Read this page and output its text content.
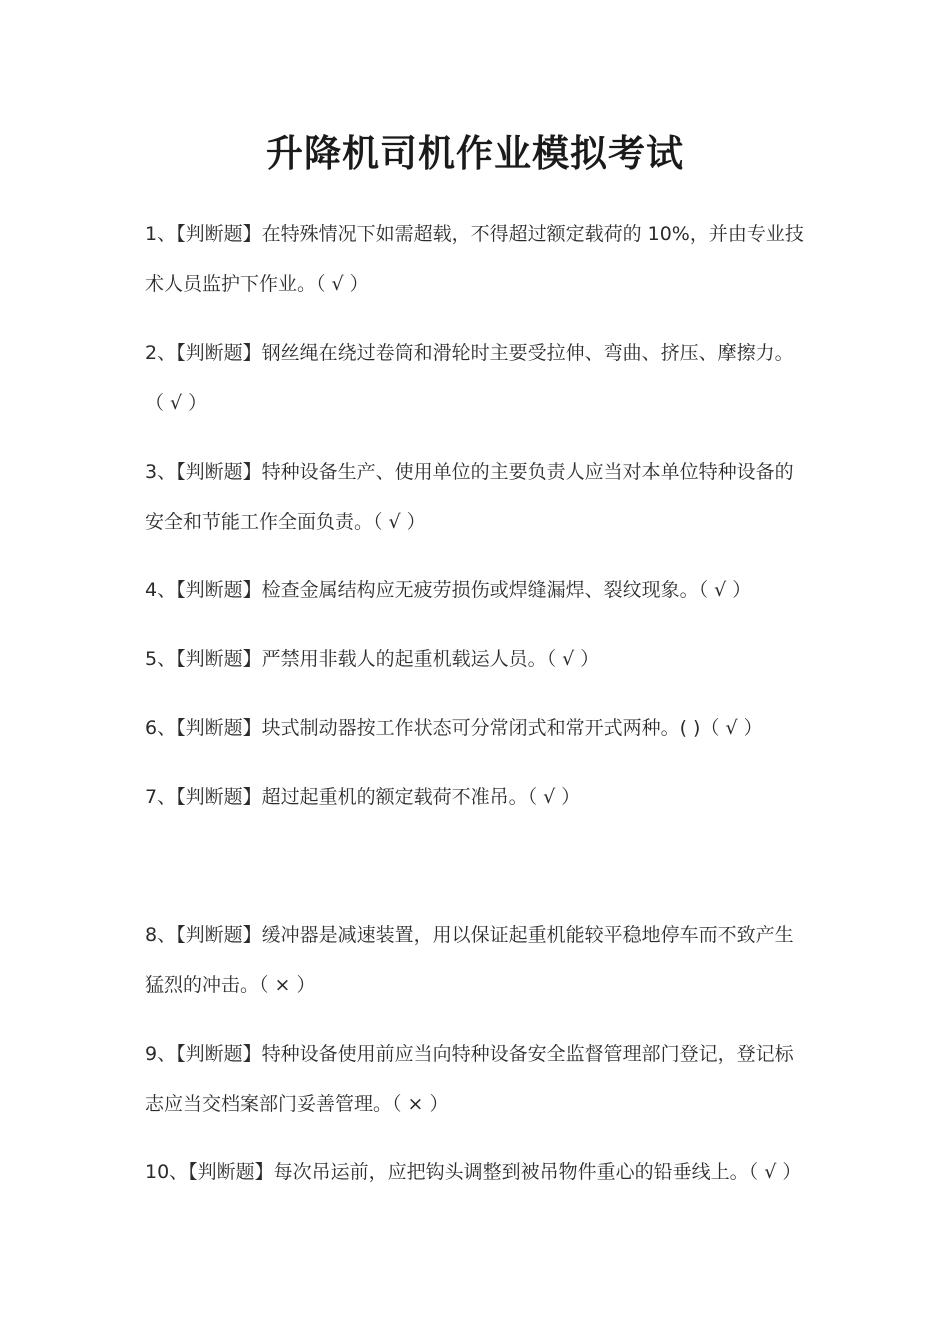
升降机司机作业模拟考试
1、【判断题】在特殊情况下如需超载，不得超过额定载荷的 10%，并由专业技
术人员监护下作业。（ √ ）
2、【判断题】钢丝绳在绕过卷筒和滑轮时主要受拉伸、弯曲、挤压、摩擦力。
（ √ ）
3、【判断题】特种设备生产、使用单位的主要负责人应当对本单位特种设备的
安全和节能工作全面负责。（ √ ）
4、【判断题】检查金属结构应无疲劳损伤或焊缝漏焊、裂纹现象。（ √ ）
5、【判断题】严禁用非载人的起重机载运人员。（ √ ）
6、【判断题】块式制动器按工作状态可分常闭式和常开式两种。( )（ √ ）
7、【判断题】超过起重机的额定载荷不准吊。（ √ ）
8、【判断题】缓冲器是减速装置，用以保证起重机能较平稳地停车而不致产生
猛烈的冲击。（ × ）
9、【判断题】特种设备使用前应当向特种设备安全监督管理部门登记，登记标
志应当交档案部门妥善管理。（ × ）
10、【判断题】每次吊运前，应把钩头调整到被吊物件重心的铅垂线上。（ √ ）
